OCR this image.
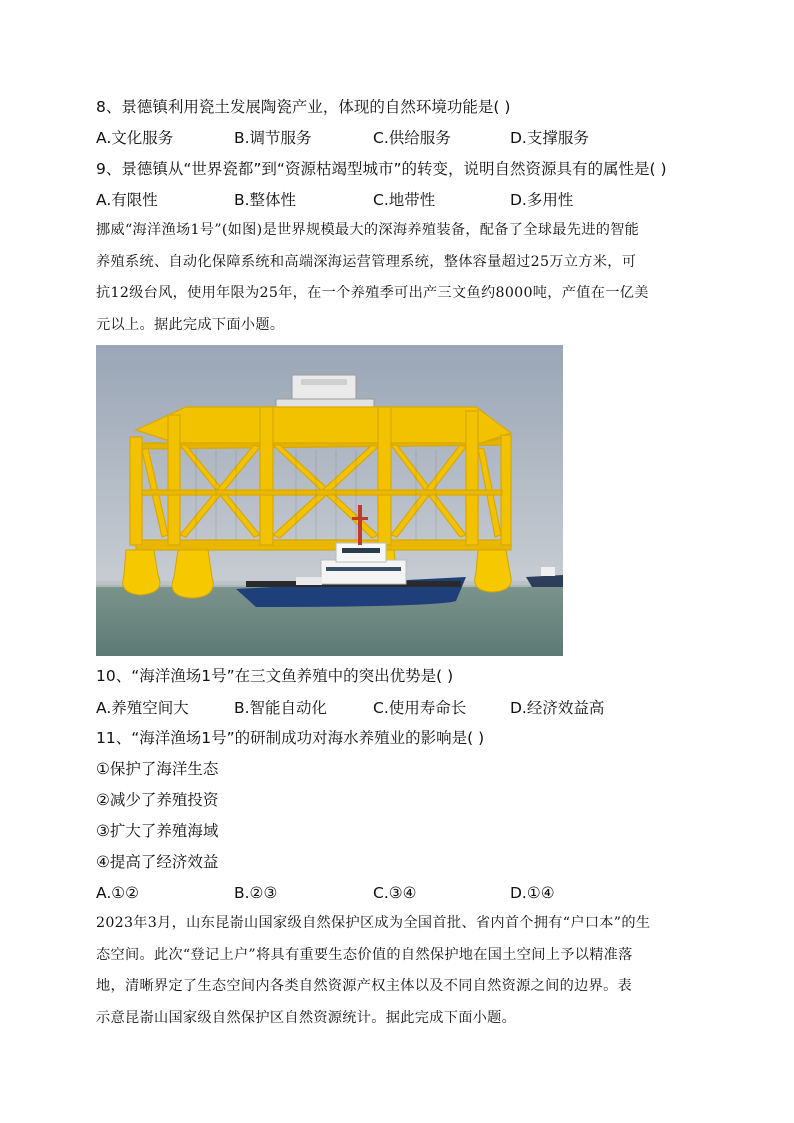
8、景德镇利用瓷土发展陶瓷产业，体现的自然环境功能是( )
A.文化服务	B.调节服务	C.供给服务	D.支撑服务
9、景德镇从“世界瓷都”到“资源枯竭型城市”的转变，说明自然资源具有的属性是( )
A.有限性	B.整体性	C.地带性	D.多用性

挪威“海洋渔场1号”(如图)是世界规模最大的深海养殖装备，配备了全球最先进的智能

养殖系统、自动化保障系统和高端深海运营管理系统，整体容量超过25万立方米，可

抗12级台风，使用年限为25年，在一个养殖季可出产三文鱼约8000吨，产值在一亿美

元以上。据此完成下面小题。

10、“海洋渔场1号”在三文鱼养殖中的突出优势是( )
A.养殖空间大	B.智能自动化	C.使用寿命长	D.经济效益高
11、“海洋渔场1号”的研制成功对海水养殖业的影响是( )
①保护了海洋生态
②减少了养殖投资
③扩大了养殖海域
④提高了经济效益
A.①②	B.②③	C.③④	D.①④

2023年3月，山东昆嵛山国家级自然保护区成为全国首批、省内首个拥有“户口本”的生

态空间。此次“登记上户”将具有重要生态价值的自然保护地在国土空间上予以精准落

地，清晰界定了生态空间内各类自然资源产权主体以及不同自然资源之间的边界。表

示意昆嵛山国家级自然保护区自然资源统计。据此完成下面小题。
